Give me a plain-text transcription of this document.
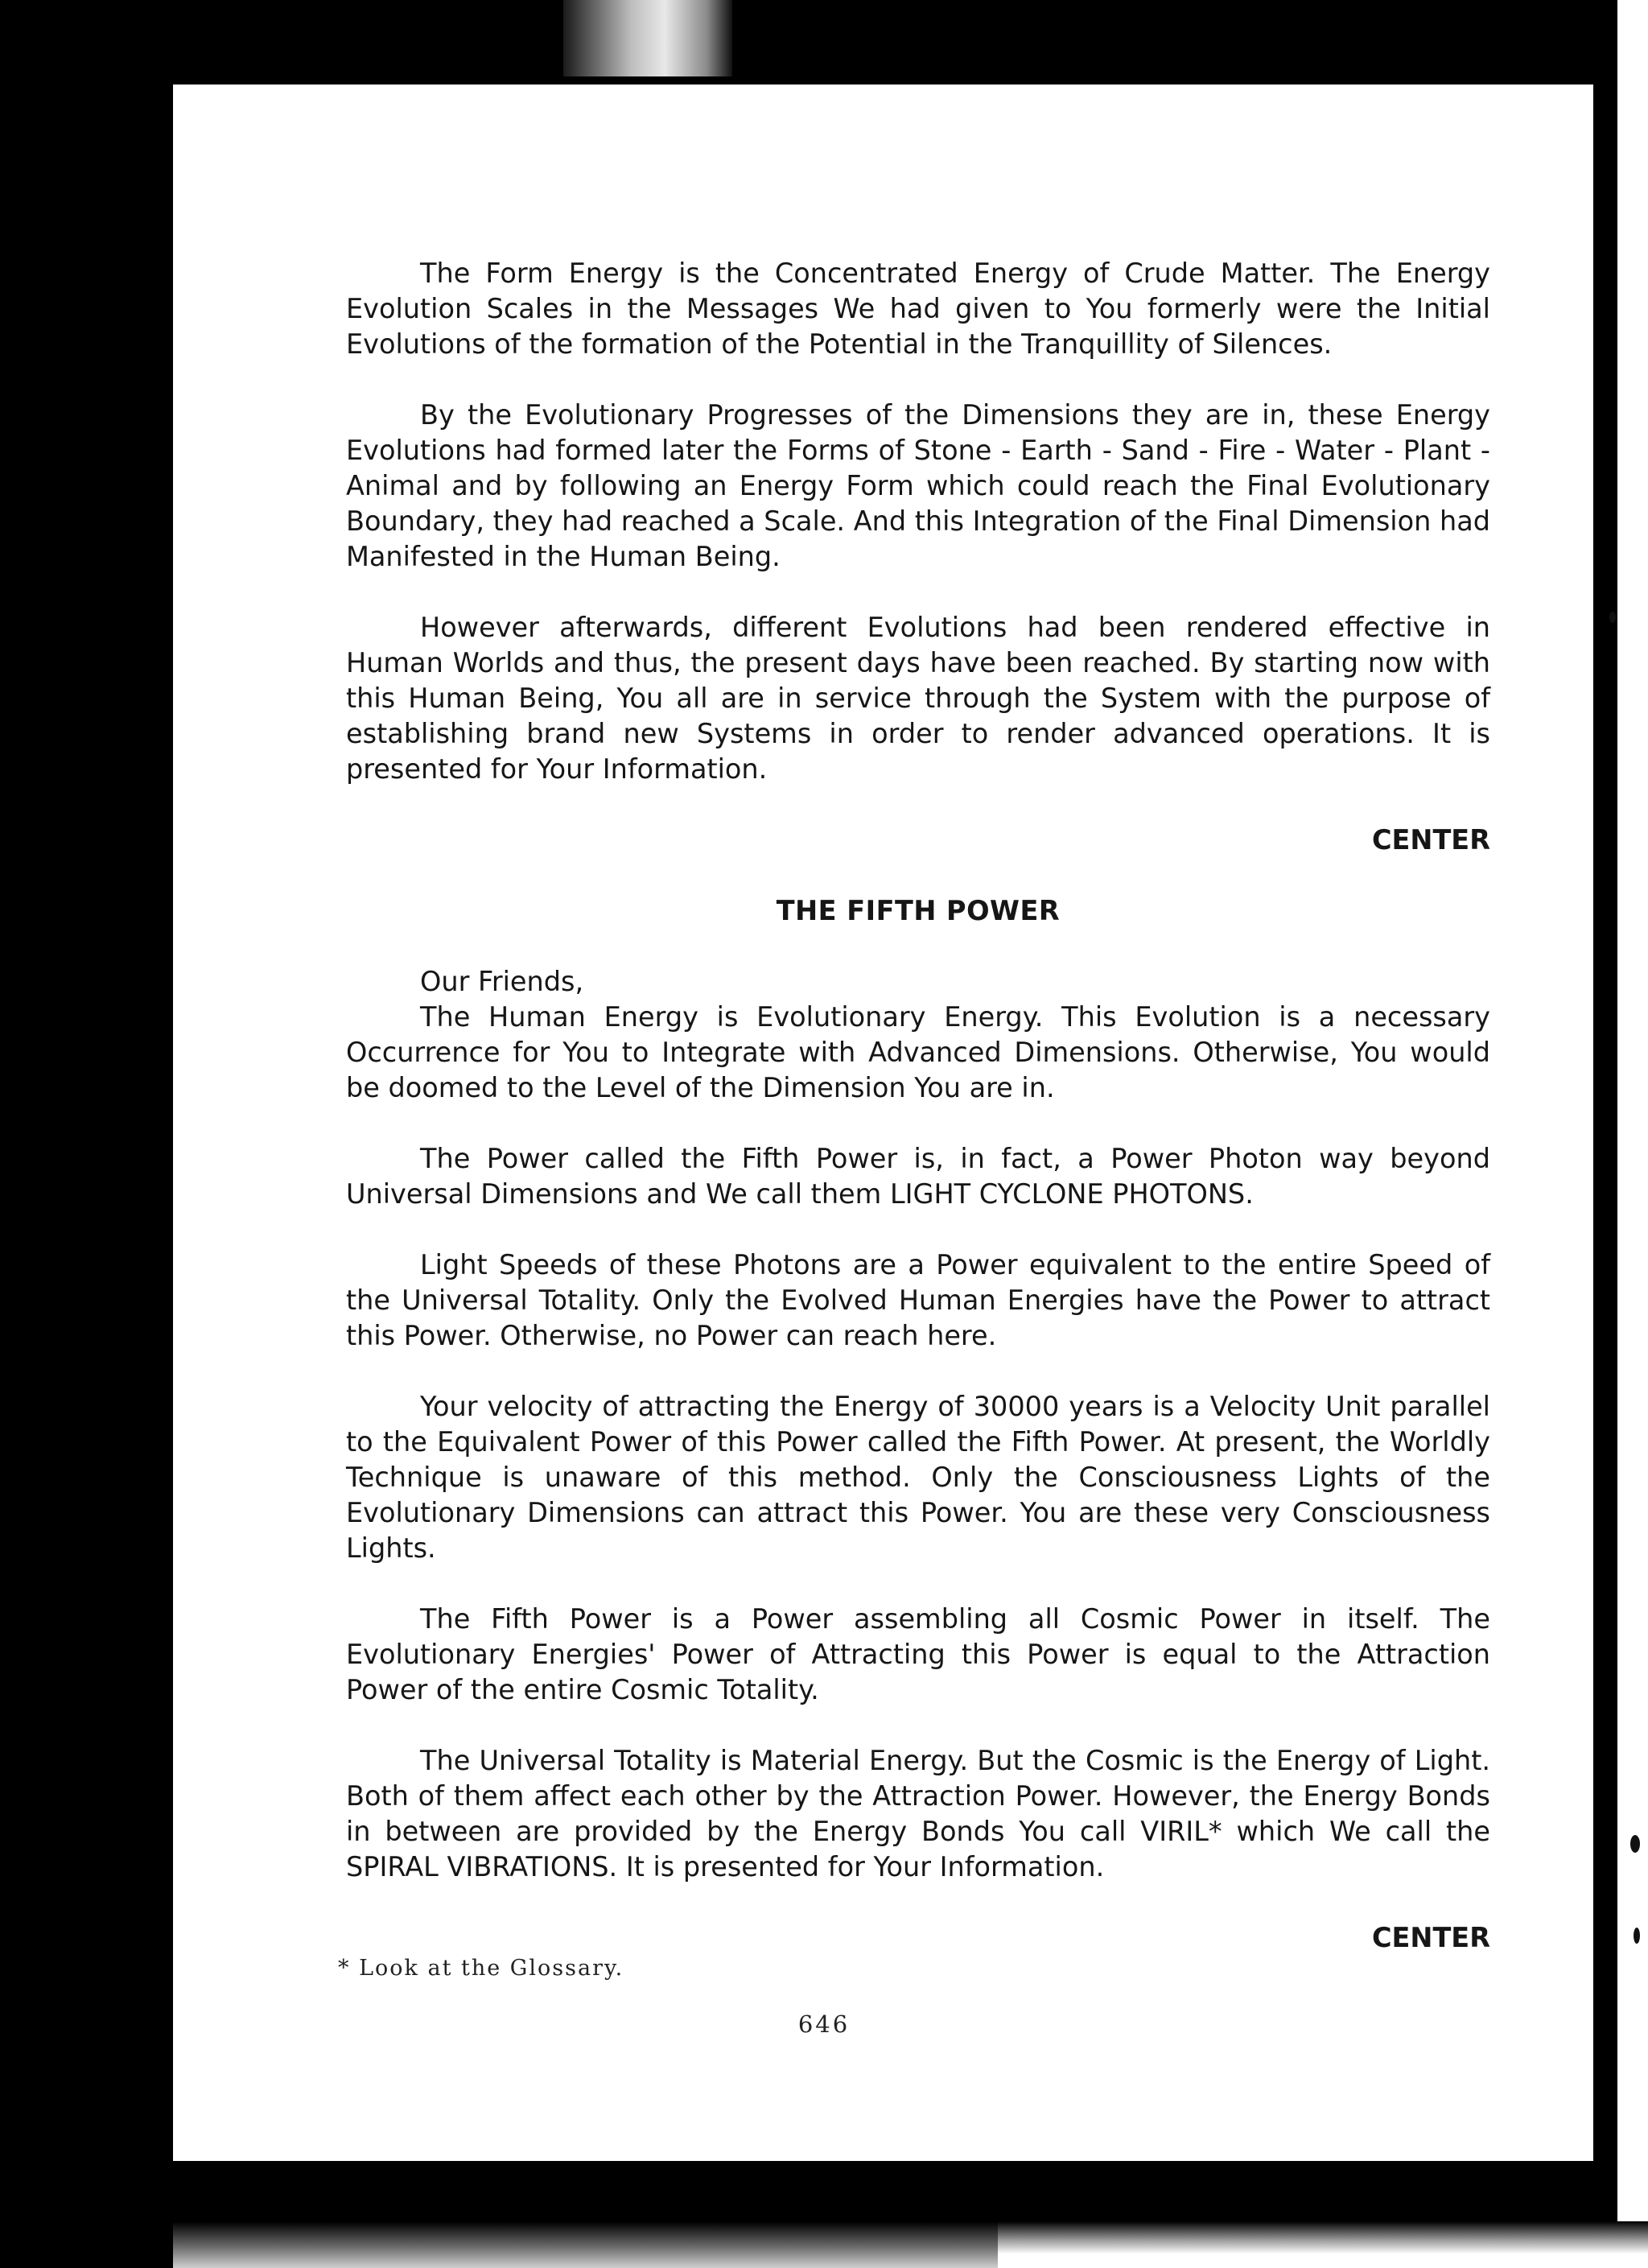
The Form Energy is the Concentrated Energy of Crude Matter. The Energy Evolution Scales in the Messages We had given to You formerly were the Initial Evolutions of the formation of the Potential in the Tranquillity of Silences.

By the Evolutionary Progresses of the Dimensions they are in, these Energy Evolutions had formed later the Forms of Stone - Earth - Sand - Fire - Water - Plant - Animal and by following an Energy Form which could reach the Final Evolutionary Boundary, they had reached a Scale. And this Integration of the Final Dimension had Manifested in the Human Being.

However afterwards, different Evolutions had been rendered effective in Human Worlds and thus, the present days have been reached. By starting now with this Human Being, You all are in service through the System with the purpose of establishing brand new Systems in order to render advanced operations. It is presented for Your Information.

CENTER
THE FIFTH POWER
Our Friends,

The Human Energy is Evolutionary Energy. This Evolution is a necessary Occurrence for You to Integrate with Advanced Dimensions. Otherwise, You would be doomed to the Level of the Dimension You are in.

The Power called the Fifth Power is, in fact, a Power Photon way beyond Universal Dimensions and We call them LIGHT CYCLONE PHOTONS.

Light Speeds of these Photons are a Power equivalent to the entire Speed of the Universal Totality. Only the Evolved Human Energies have the Power to attract this Power. Otherwise, no Power can reach here.

Your velocity of attracting the Energy of 30000 years is a Velocity Unit parallel to the Equivalent Power of this Power called the Fifth Power. At present, the Worldly Technique is unaware of this method. Only the Consciousness Lights of the Evolutionary Dimensions can attract this Power. You are these very Consciousness Lights.

The Fifth Power is a Power assembling all Cosmic Power in itself. The Evolutionary Energies' Power of Attracting this Power is equal to the Attraction Power of the entire Cosmic Totality.

The Universal Totality is Material Energy. But the Cosmic is the Energy of Light. Both of them affect each other by the Attraction Power. However, the Energy Bonds in between are provided by the Energy Bonds You call VIRIL* which We call the SPIRAL VIBRATIONS. It is presented for Your Information.

CENTER
* Look at the Glossary.
646
